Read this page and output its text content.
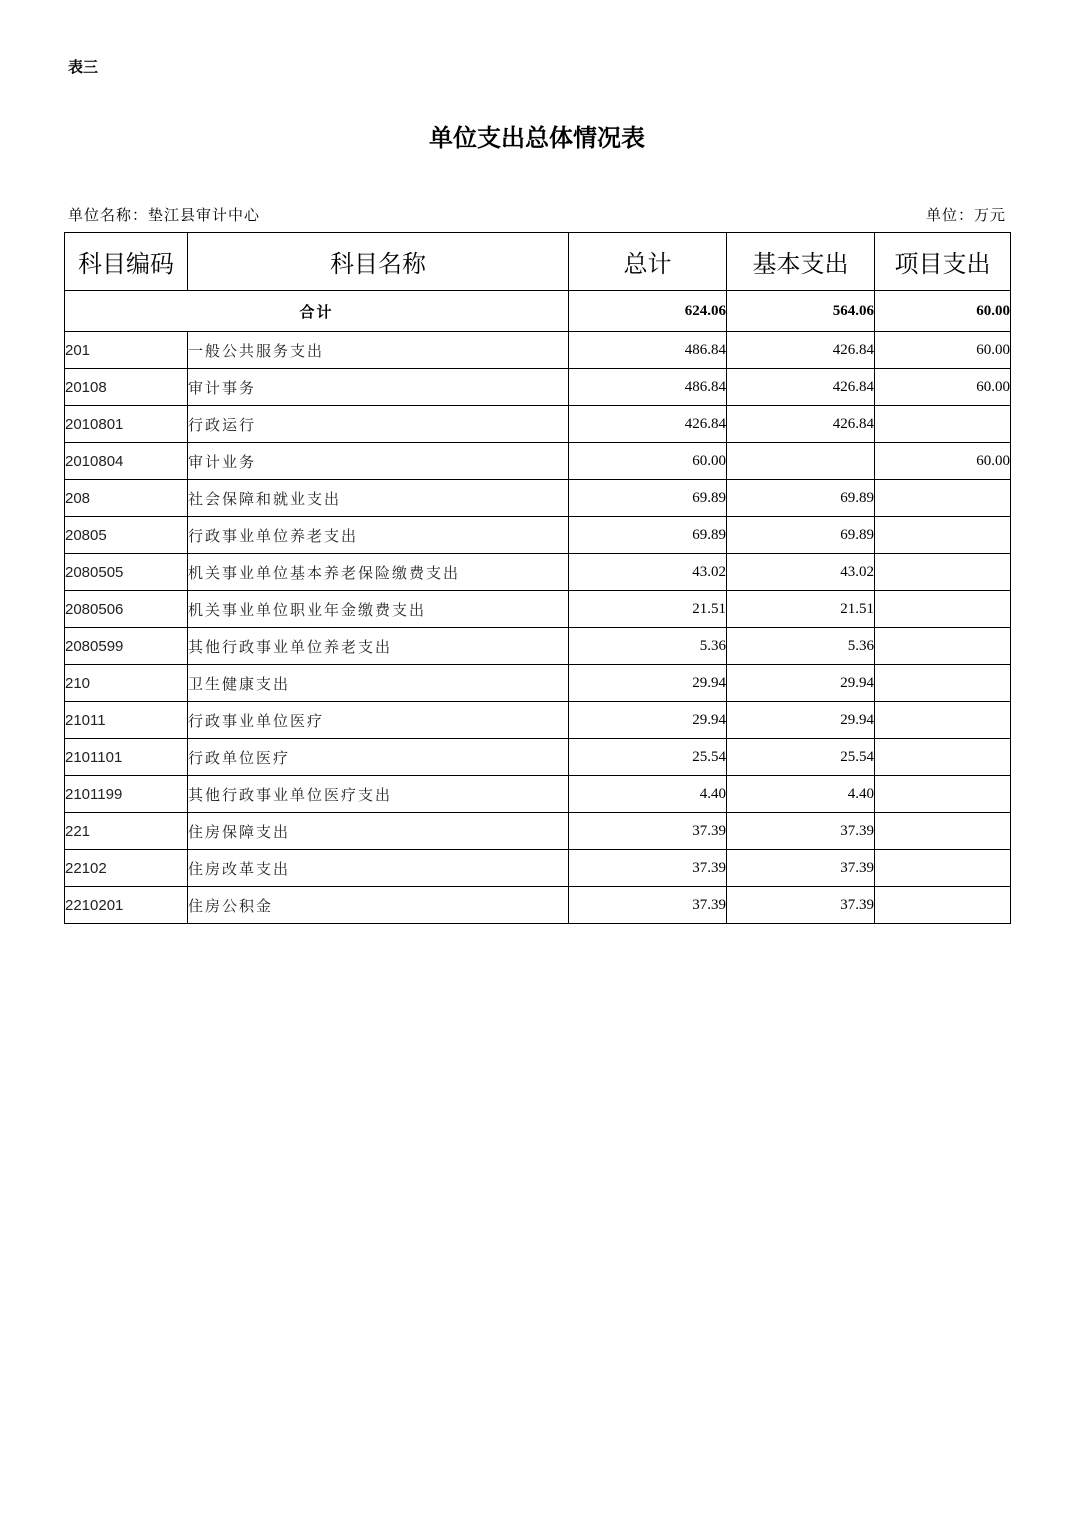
表三
单位支出总体情况表
单位名称：垫江县审计中心	单位：万元
科目编码	科目名称	总计	基本支出	项目支出
合计		624.06	564.06	60.00
201	一般公共服务支出	486.84	426.84	60.00
20108	审计事务	486.84	426.84	60.00
2010801	行政运行	426.84	426.84	
2010804	审计业务	60.00		60.00
208	社会保障和就业支出	69.89	69.89	
20805	行政事业单位养老支出	69.89	69.89	
2080505	机关事业单位基本养老保险缴费支出	43.02	43.02	
2080506	机关事业单位职业年金缴费支出	21.51	21.51	
2080599	其他行政事业单位养老支出	5.36	5.36	
210	卫生健康支出	29.94	29.94	
21011	行政事业单位医疗	29.94	29.94	
2101101	行政单位医疗	25.54	25.54	
2101199	其他行政事业单位医疗支出	4.40	4.40	
221	住房保障支出	37.39	37.39	
22102	住房改革支出	37.39	37.39	
2210201	住房公积金	37.39	37.39	
